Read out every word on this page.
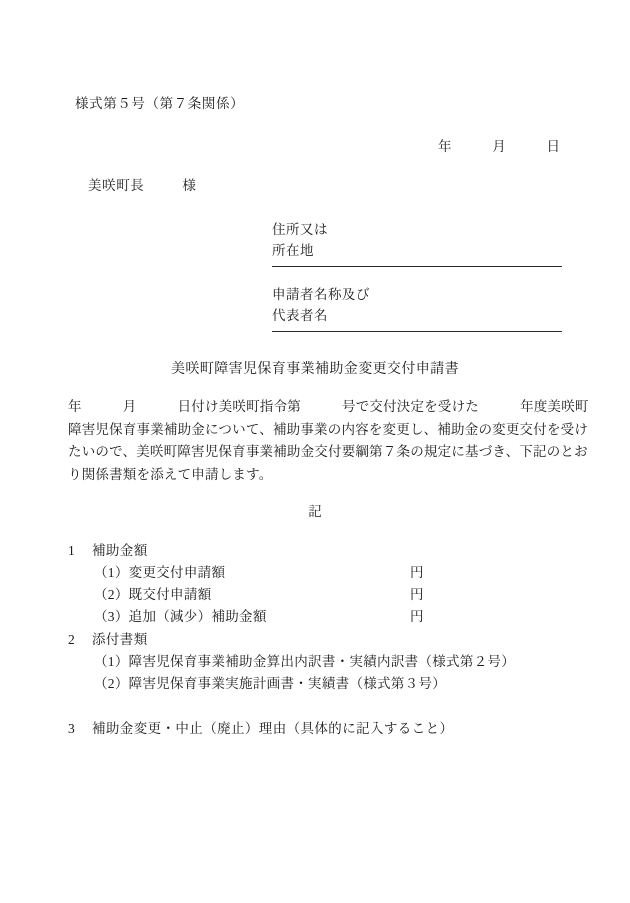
様式第５号（第７条関係）
年	月	日
美咲町長	様
住所又は
所在地
申請者名称及び
代表者名
美咲町障害児保育事業補助金変更交付申請書
年　　　月　　　日付け美咲町指令第　　　号で交付決定を受けた　　　年度美咲町
障害児保育事業補助金について、補助事業の内容を変更し、補助金の変更交付を受け
たいので、美咲町障害児保育事業補助金交付要綱第７条の規定に基づき、下記のとお
り関係書類を添えて申請します。
記
1 補助金額
（1）変更交付申請額	円
（2）既交付申請額	円
（3）追加（減少）補助金額	円
2 添付書類
（1）障害児保育事業補助金算出内訳書・実績内訳書（様式第２号）
（2）障害児保育事業実施計画書・実績書（様式第３号）
3 補助金変更・中止（廃止）理由（具体的に記入すること）
